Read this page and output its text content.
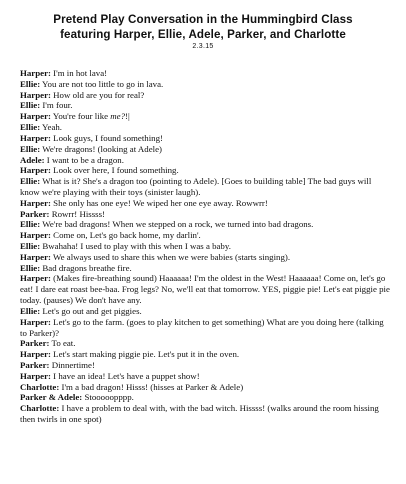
Pretend Play Conversation in the Hummingbird Class
featuring Harper, Ellie, Adele, Parker, and Charlotte
2.3.15

Harper: I'm in hot lava!

Ellie: You are not too little to go in lava.

Harper: How old are you for real?

Ellie: I'm four.

Harper: You're four like me?!|

Ellie: Yeah.

Harper: Look guys, I found something!

Ellie: We're dragons! (looking at Adele)

Adele: I want to be a dragon.

Harper: Look over here, I found something.

Ellie: What is it? She's a dragon too (pointing to Adele). [Goes to building table] The bad guys will know we're playing with their toys (sinister laugh).

Harper: She only has one eye! We wiped her one eye away. Rowwrr!

Parker: Rowrr! Hissss!

Ellie: We're bad dragons! When we stepped on a rock, we turned into bad dragons.

Harper: Come on, Let's go back home, my darlin'.

Ellie: Bwahaha! I used to play with this when I was a baby.

Harper: We always used to share this when we were babies (starts singing).

Ellie: Bad dragons breathe fire.

Harper: (Makes fire-breathing sound) Haaaaaa! I'm the oldest in the West! Haaaaaa! Come on, let's go eat! I dare eat roast bee-baa. Frog legs? No, we'll eat that tomorrow. YES, piggie pie! Let's eat piggie pie today. (pauses) We don't have any.

Ellie: Let's go out and get piggies.

Harper: Let's go to the farm. (goes to play kitchen to get something) What are you doing here (talking to Parker)?

Parker: To eat.

Harper: Let's start making piggie pie. Let's put it in the oven.

Parker: Dinnertime!

Harper: I have an idea! Let's have a puppet show!

Charlotte: I'm a bad dragon! Hisss! (hisses at Parker & Adele)

Parker & Adele: Stooooopppp.

Charlotte: I have a problem to deal with, with the bad witch. Hissss! (walks around the room hissing then twirls in one spot)
